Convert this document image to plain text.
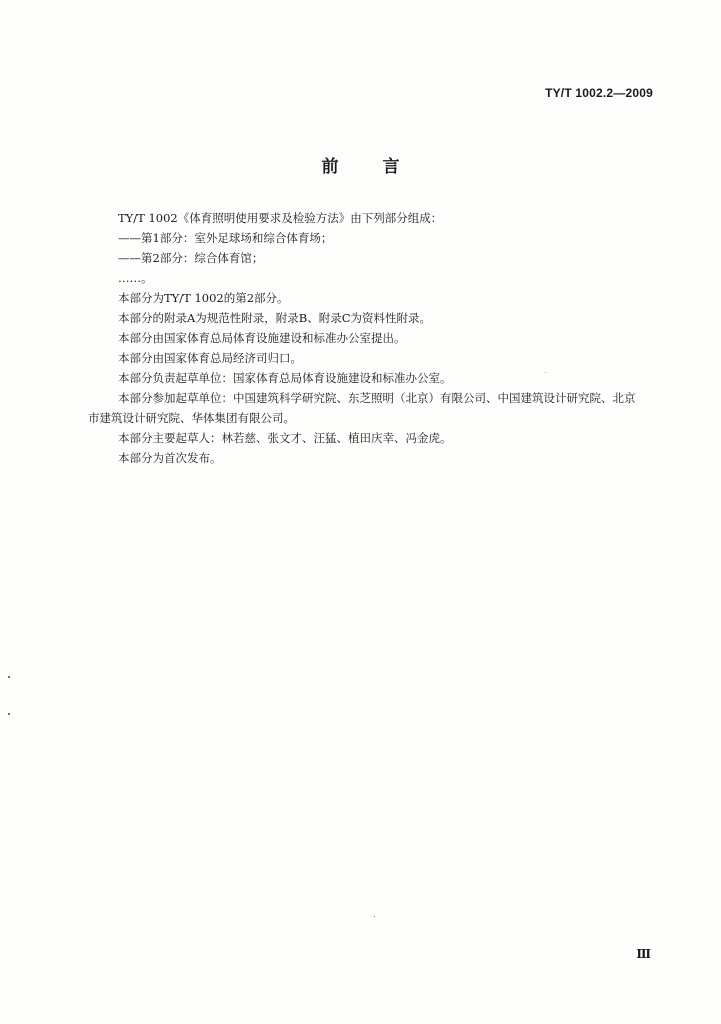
TY/T 1002.2—2009
前言

TY/T 1002《体育照明使用要求及检验方法》由下列部分组成：

——第1部分：室外足球场和综合体育场；

——第2部分：综合体育馆；

……。

本部分为TY/T 1002的第2部分。

本部分的附录A为规范性附录，附录B、附录C为资料性附录。

本部分由国家体育总局体育设施建设和标准办公室提出。

本部分由国家体育总局经济司归口。

本部分负责起草单位：国家体育总局体育设施建设和标准办公室。

本部分参加起草单位：中国建筑科学研究院、东芝照明（北京）有限公司、中国建筑设计研究院、北京

市建筑设计研究院、华体集团有限公司。

本部分主要起草人：林若慈、张文才、汪猛、植田庆幸、冯金虎。

本部分为首次发布。

Ⅲ
